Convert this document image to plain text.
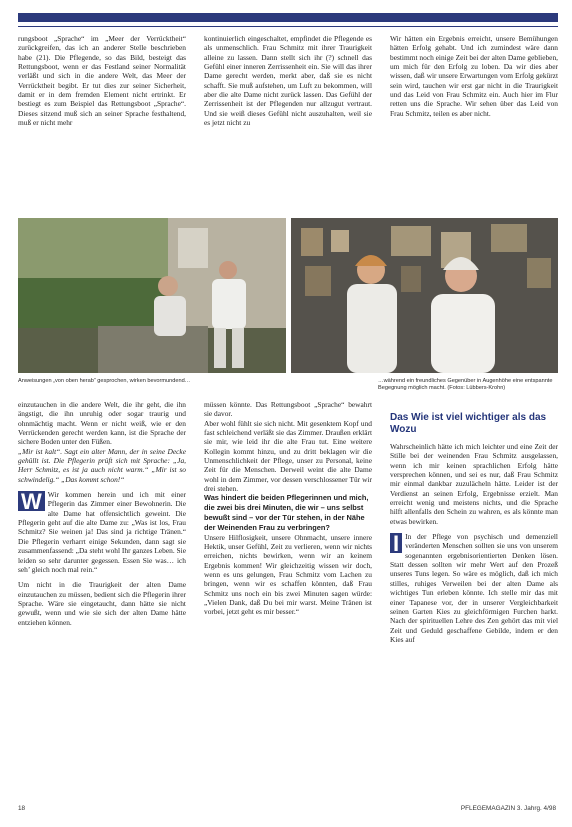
rungsboot „Sprache“ im „Meer der Verrücktheit“ zurückgreifen, das ich an anderer Stelle beschrieben habe (21). Die Pflegende, so das Bild, besteigt das Rettungsboot, wenn er das Festland seiner Normalität verläßt und sich in die andere Welt, das Meer der Verrücktheit begibt. Er tut dies zur seiner Sicherheit, damit er in dem fremden Element nicht ertrinkt. Er bestiegt es zum Beispiel das Rettungsboot „Sprache“. Dieses sitzend muß sich an seiner Sprache festhaltend, muß er nicht mehr

kontinuierlich eingeschaltet, empfindet die Pflegende es als unmenschlich. Frau Schmitz mit ihrer Traurigkeit alleine zu lassen. Dann stellt sich ihr (?) schnell das Gefühl einer inneren Zerrissenheit ein. Sie will das ihrer Dame gerecht werden, merkt aber, daß sie es nicht schafft. Sie muß aufstehen, um Luft zu bekommen, will aber die alte Dame nicht zurück lassen. Das Gefühl der Zerrissenheit ist der Pflegenden nur allzugut vertraut. Und sie weiß dieses Gefühl nicht auszuhalten, weil sie es jetzt nicht zu

Wir hätten ein Ergebnis erreicht, unsere Bemühungen hätten Erfolg gehabt. Und ich zumindest wäre dann bestimmt noch einige Zeit bei der alten Dame geblieben, um mich für den Erfolg zu loben. Da wir dies aber wissen, daß wir unsere Erwartungen vom Erfolg gekürzt sein wird, tauchen wir erst gar nicht in die Traurigkeit und das Leid von Frau Schmitz ein. Auch hier im Flur retten uns die Sprache. Wir sehen über das Leid von Frau Schmitz, teilen es aber nicht.

Anweisungen „von oben herab“ gesprochen, wirken bevormundend…	…während ein freundliches Gegenüber in Augenhöhe eine entspannte Begegnung möglich macht. (Fotos: Lübbers-Krohn)

einzutauchen in die andere Welt, die ihr geht, die ihn ängstigt, die ihn unruhig oder sogar traurig und ohnmächtig macht. Wenn er nicht weiß, wie er den Verrückenden gerecht werden kann, ist die Sprache der sichere Boden unter den Füßen.

„Mir ist kalt“. Sagt ein alter Mann, der in seine Decke gehüllt ist. Die Pflegerin prüft sich mit Sprache: „Ja, Herr Schmitz, es ist ja auch nicht warm.“ „Mir ist so schwindelig.“ „Das kommt schon!“

W Wir kommen herein und ich mit einer Pflegerin das Zimmer einer Bewohnerin. Die alte Dame hat offensichtlich geweint. Die Pflegerin geht auf die alte Dame zu: „Was ist los, Frau Schmitz? Sie weinen ja! Das sind ja richtige Tränen.“ Die Pflegerin verharrt einige Sekunden, dann sagt sie zusammenfassend: „Da steht wohl Ihr ganzes Leben. Sie leiden so sehr darunter gegessen. Essen Sie was… ich seh’ gleich noch mal rein.“

Um nicht in die Traurigkeit der alten Dame einzutauchen zu müssen, bedient sich die Pflegerin ihrer Sprache. Wäre sie eingetaucht, dann hätte sie nicht gewußt, wenn und wie sie sich der alten Dame hätte entziehen können.

müssen könnte. Das Rettungsboot „Sprache“ bewahrt sie davor.

Aber wohl fühlt sie sich nicht. Mit gesenktem Kopf und fast schleichend verläßt sie das Zimmer. Draußen erklärt sie mir, wie leid ihr die alte Frau tut. Eine weitere Kollegin kommt hinzu, und zu dritt beklagen wir die Unmenschlichkeit der Pflege, unser zu Personal, keine Zeit für die Menschen. Derweil weint die alte Dame wohl in dem Zimmer, vor dessen verschlossener Tür wir drei stehen.

Was hindert die beiden Pflegerinnen und mich, die zwei bis drei Minuten, die wir – uns selbst bewußt sind – vor der Tür stehen, in der Nähe der Weinenden Frau zu verbringen?

Unsere Hilflosigkeit, unsere Ohnmacht, unsere innere Hektik, unser Gefühl, Zeit zu verlieren, wenn wir nichts erreichen, nichts bewirken, wenn wir an keinem Ergebnis kommen! Wir gleichzeitig wissen wir doch, wenn es uns gelungen, Frau Schmitz vom Lachen zu bringen, wenn wir es schaffen könnten, daß Frau Schmitz uns noch ein bis zwei Minuten sagen würde: „Vielen Dank, daß Du bei mir warst. Meine Tränen ist vorbei, jetzt geht es mir besser.“

Das Wie ist viel wichtiger als das Wozu

Wahrscheinlich hätte ich mich leichter und eine Zeit der Stille bei der weinenden Frau Schmitz ausgelassen, wenn ich mir keinen sprachlichen Erfolg hätte versprechen können, und sei es nur, daß Frau Schmitz mir einmal dankbar zuzulächeln hätte. Leider ist der Verdienst an seinen Erfolg, Ergebnisse erzielt. Man erreicht wenig und meistens nichts, und die Sprache hilft allenfalls den Schein zu wahren, es als könnte man etwas bewirken.

I In der Pflege von psychisch und demenziell veränderten Menschen sollten sie uns von unserem sogenannten ergebnisorientierten Denken lösen. Statt dessen sollten wir mehr Wert auf den Prozeß unseres Tuns legen. So wäre es möglich, daß ich mich stilles, ruhiges Verweilen bei der alten Dame als wichtiges Tun erleben könnte. Ich stelle mir das mit einer Tapanese vor, der in unserer Vergleichbarkeit seinen Garten Kies zu gleichförmigen Furchen harkt. Nach der spirituellen Lehre des Zen gehört das mit viel Zeit und Geduld geschaffene Gebilde, indem er den Kies auf

18	PFLEGEMAGAZIN 3. Jahrg. 4/98
